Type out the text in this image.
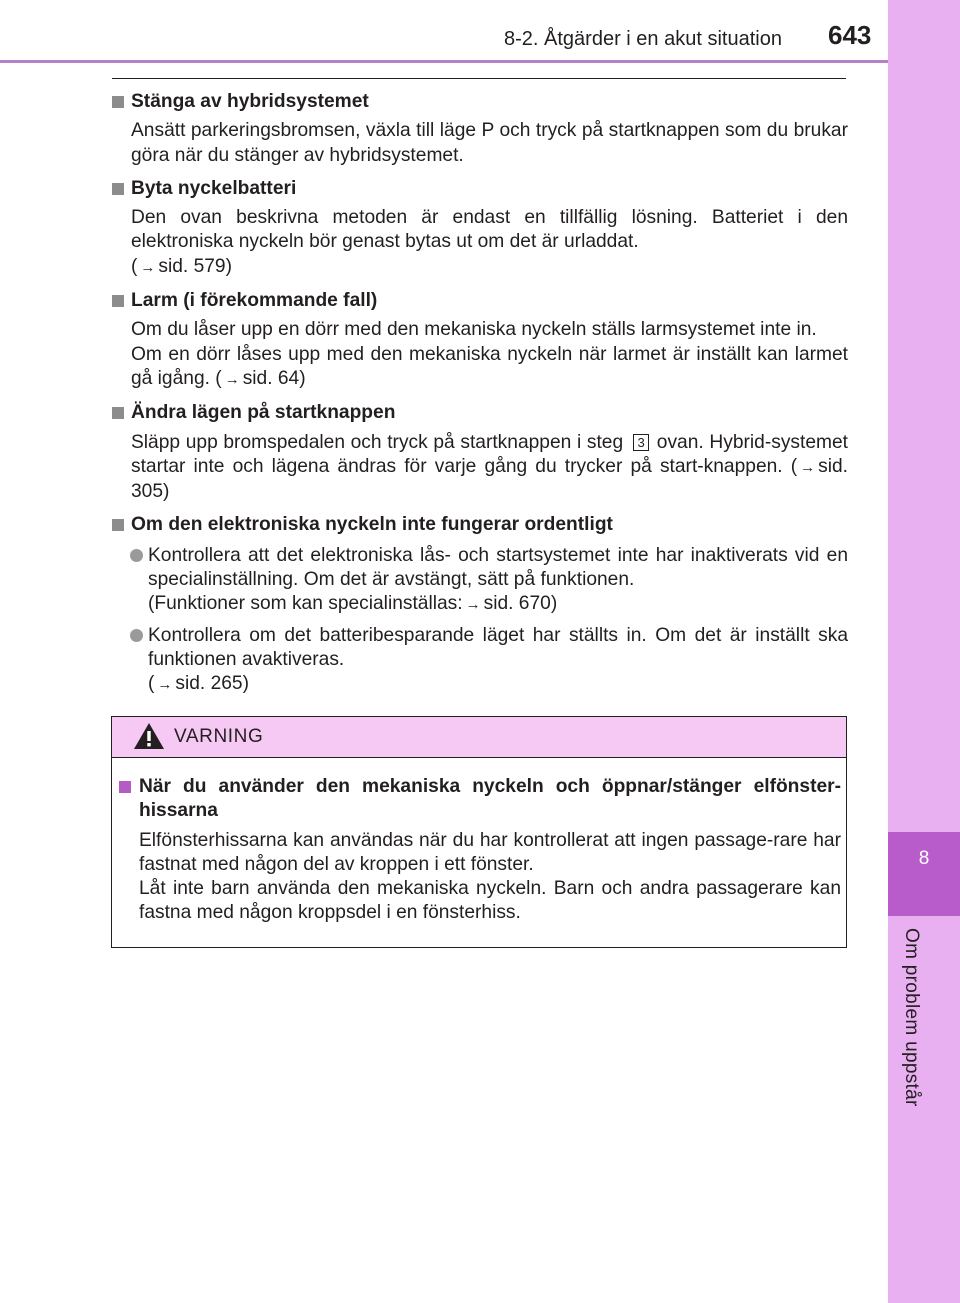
8
Om problem uppstår
8-2. Åtgärder i en akut situation 643
Stänga av hybridsystemet
Ansätt parkeringsbromsen, växla till läge P och tryck på startknappen som du brukar göra när du stänger av hybridsystemet.
Byta nyckelbatteri
Den ovan beskrivna metoden är endast en tillfällig lösning. Batteriet i den elektroniska nyckeln bör genast bytas ut om det är urladdat.
( → sid. 579)
Larm (i förekommande fall)
Om du låser upp en dörr med den mekaniska nyckeln ställs larmsystemet inte in.
Om en dörr låses upp med den mekaniska nyckeln när larmet är inställt kan larmet gå igång. ( → sid. 64)
Ändra lägen på startknappen
Släpp upp bromspedalen och tryck på startknappen i steg 3 ovan. Hybrid-systemet startar inte och lägena ändras för varje gång du trycker på start-knappen. ( → sid. 305)
Om den elektroniska nyckeln inte fungerar ordentligt
Kontrollera att det elektroniska lås- och startsystemet inte har inaktiverats vid en specialinställning. Om det är avstängt, sätt på funktionen.
(Funktioner som kan specialinställas: → sid. 670)
Kontrollera om det batteribesparande läget har ställts in. Om det är inställt ska funktionen avaktiveras.
( → sid. 265)
VARNING
När du använder den mekaniska nyckeln och öppnar/stänger elfönster-hissarna
Elfönsterhissarna kan användas när du har kontrollerat att ingen passage-rare har fastnat med någon del av kroppen i ett fönster.
Låt inte barn använda den mekaniska nyckeln. Barn och andra passagerare kan fastna med någon kroppsdel i en fönsterhiss.
